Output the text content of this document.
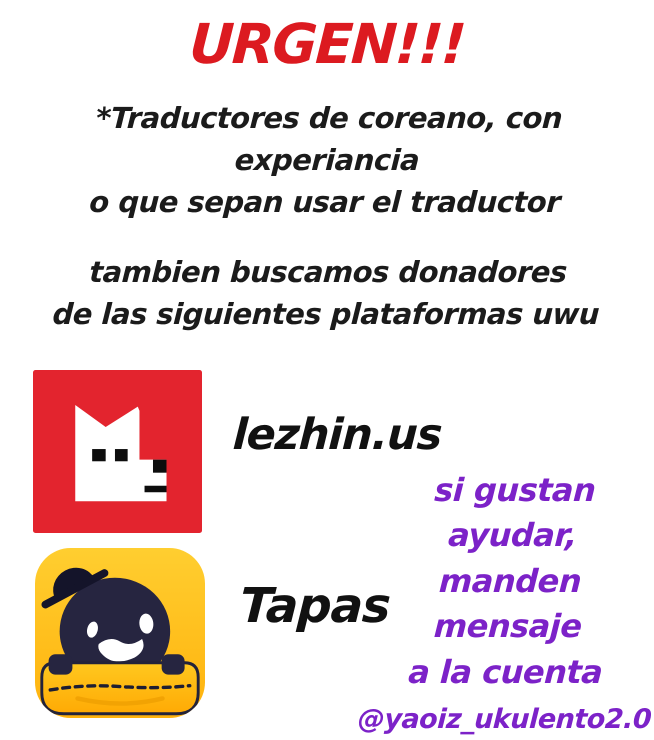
URGEN!!!
*Traductores de coreano, con experiancia
o que sepan usar el traductor
tambien buscamos donadores
de las siguientes plataformas uwu
lezhin.us
Tapas
si gustan ayudar,
manden mensaje
a la cuenta
@yaoiz_ukulento2.0
